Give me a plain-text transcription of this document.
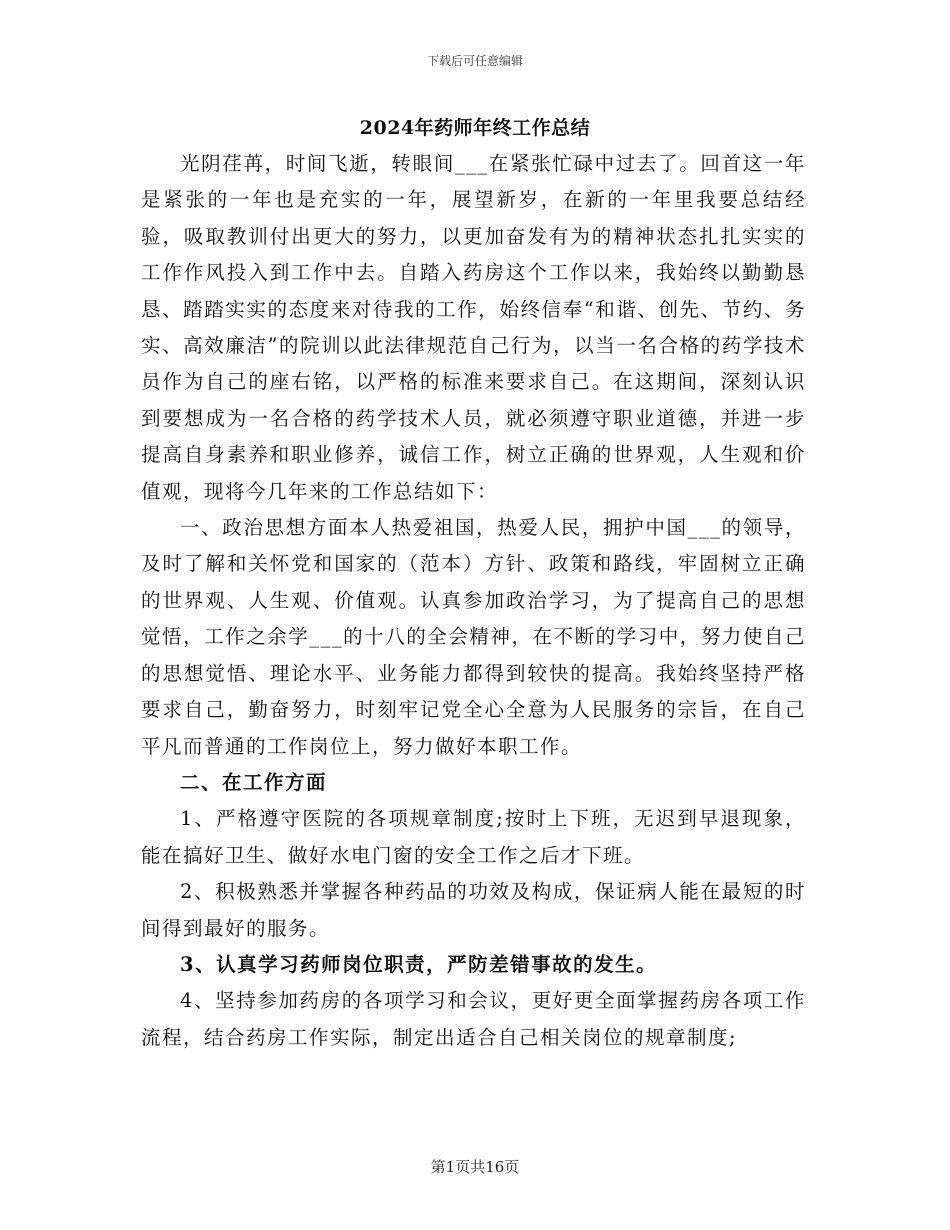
下载后可任意编辑
2024年药师年终工作总结

光阴荏苒，时间飞逝，转眼间___在紧张忙碌中过去了。回首这一年是紧张的一年也是充实的一年，展望新岁，在新的一年里我要总结经验，吸取教训付出更大的努力，以更加奋发有为的精神状态扎扎实实的工作作风投入到工作中去。自踏入药房这个工作以来，我始终以勤勤恳恳、踏踏实实的态度来对待我的工作，始终信奉“和谐、创先、节约、务实、高效廉洁”的院训以此法律规范自己行为，以当一名合格的药学技术员作为自己的座右铭，以严格的标准来要求自己。在这期间，深刻认识到要想成为一名合格的药学技术人员，就必须遵守职业道德，并进一步提高自身素养和职业修养，诚信工作，树立正确的世界观，人生观和价值观，现将今几年来的工作总结如下：

一、政治思想方面本人热爱祖国，热爱人民，拥护中国___的领导，及时了解和关怀党和国家的（范本）方针、政策和路线，牢固树立正确的世界观、人生观、价值观。认真参加政治学习，为了提高自己的思想觉悟，工作之余学___的十八的全会精神，在不断的学习中，努力使自己的思想觉悟、理论水平、业务能力都得到较快的提高。我始终坚持严格要求自己，勤奋努力，时刻牢记党全心全意为人民服务的宗旨，在自己平凡而普通的工作岗位上，努力做好本职工作。

二、在工作方面

1、严格遵守医院的各项规章制度;按时上下班，无迟到早退现象，能在搞好卫生、做好水电门窗的安全工作之后才下班。

2、积极熟悉并掌握各种药品的功效及构成，保证病人能在最短的时间得到最好的服务。

3、认真学习药师岗位职责，严防差错事故的发生。

4、坚持参加药房的各项学习和会议，更好更全面掌握药房各项工作流程，结合药房工作实际，制定出适合自己相关岗位的规章制度;

第1页共16页
